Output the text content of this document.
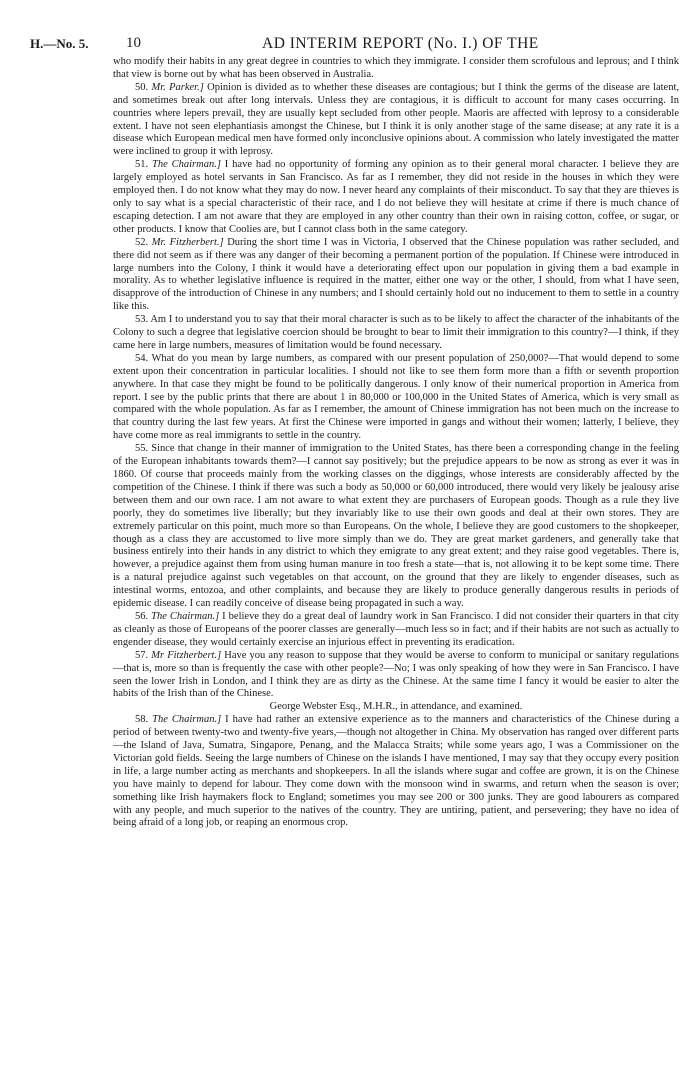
H.—No. 5.	10	AD INTERIM REPORT (No. I.) OF THE

who modify their habits in any great degree in countries to which they immigrate. I consider them scrofulous and leprous; and I think that view is borne out by what has been observed in Australia.

50. Mr. Parker.] Opinion is divided as to whether these diseases are contagious; but I think the germs of the disease are latent, and sometimes break out after long intervals. Unless they are contagious, it is difficult to account for many cases occurring. In countries where lepers prevail, they are usually kept secluded from other people. Maoris are affected with leprosy to a considerable extent. I have not seen elephantiasis amongst the Chinese, but I think it is only another stage of the same disease; at any rate it is a disease which European medical men have formed only inconclusive opinions about. A commission who lately investigated the matter were inclined to group it with leprosy.

51. The Chairman.] I have had no opportunity of forming any opinion as to their general moral character. I believe they are largely employed as hotel servants in San Francisco. As far as I remember, they did not reside in the houses in which they were employed then. I do not know what they may do now. I never heard any complaints of their misconduct. To say that they are thieves is only to say what is a special characteristic of their race, and I do not believe they will hesitate at crime if there is much chance of escaping detection. I am not aware that they are employed in any other country than their own in raising cotton, coffee, or sugar, or other products. I know that Coolies are, but I cannot class both in the same category.

52. Mr. Fitzherbert.] During the short time I was in Victoria, I observed that the Chinese population was rather secluded, and there did not seem as if there was any danger of their becoming a permanent portion of the population. If Chinese were introduced in large numbers into the Colony, I think it would have a deteriorating effect upon our population in giving them a bad example in morality. As to whether legislative influence is required in the matter, either one way or the other, I should, from what I have seen, disapprove of the introduction of Chinese in any numbers; and I should certainly hold out no inducement to them to settle in a country like this.

53. Am I to understand you to say that their moral character is such as to be likely to affect the character of the inhabitants of the Colony to such a degree that legislative coercion should be brought to bear to limit their immigration to this country?—I think, if they came here in large numbers, measures of limitation would be found necessary.

54. What do you mean by large numbers, as compared with our present population of 250,000?—That would depend to some extent upon their concentration in particular localities. I should not like to see them form more than a fifth or seventh proportion anywhere. In that case they might be found to be politically dangerous. I only know of their numerical proportion in America from report. I see by the public prints that there are about 1 in 80,000 or 100,000 in the United States of America, which is very small as compared with the whole population. As far as I remember, the amount of Chinese immigration has not been much on the increase to that country during the last few years. At first the Chinese were imported in gangs and without their women; latterly, I believe, they have come more as real immigrants to settle in the country.

55. Since that change in their manner of immigration to the United States, has there been a corresponding change in the feeling of the European inhabitants towards them?—I cannot say positively; but the prejudice appears to be now as strong as ever it was in 1860. Of course that proceeds mainly from the working classes on the diggings, whose interests are considerably affected by the competition of the Chinese. I think if there was such a body as 50,000 or 60,000 introduced, there would very likely be jealousy arise between them and our own race. I am not aware to what extent they are purchasers of European goods. Though as a rule they live poorly, they do sometimes live liberally; but they invariably like to use their own goods and deal at their own stores. They are extremely particular on this point, much more so than Europeans. On the whole, I believe they are good customers to the shopkeeper, though as a class they are accustomed to live more simply than we do. They are great market gardeners, and generally take that business entirely into their hands in any district to which they emigrate to any great extent; and they raise good vegetables. There is, however, a prejudice against them from using human manure in too fresh a state—that is, not allowing it to be kept some time. There is a natural prejudice against such vegetables on that account, on the ground that they are likely to engender diseases, such as intestinal worms, entozoa, and other complaints, and because they are likely to produce generally dangerous results in periods of epidemic disease. I can readily conceive of disease being propagated in such a way.

56. The Chairman.] I believe they do a great deal of laundry work in San Francisco. I did not consider their quarters in that city as cleanly as those of Europeans of the poorer classes are generally—much less so in fact; and if their habits are not such as actually to engender disease, they would certainly exercise an injurious effect in preventing its eradication.

57. Mr Fitzherbert.] Have you any reason to suppose that they would be averse to conform to municipal or sanitary regulations—that is, more so than is frequently the case with other people?—No; I was only speaking of how they were in San Francisco. I have seen the lower Irish in London, and I think they are as dirty as the Chinese. At the same time I fancy it would be easier to alter the habits of the Irish than of the Chinese.

George Webster Esq., M.H.R., in attendance, and examined.

58. The Chairman.] I have had rather an extensive experience as to the manners and characteristics of the Chinese during a period of between twenty-two and twenty-five years,—though not altogether in China. My observation has ranged over different parts—the Island of Java, Sumatra, Singapore, Penang, and the Malacca Straits; while some years ago, I was a Commissioner on the Victorian gold fields. Seeing the large numbers of Chinese on the islands I have mentioned, I may say that they occupy every position in life, a large number acting as merchants and shopkeepers. In all the islands where sugar and coffee are grown, it is on the Chinese you have mainly to depend for labour. They come down with the monsoon wind in swarms, and return when the season is over; something like Irish haymakers flock to England; sometimes you may see 200 or 300 junks. They are good labourers as compared with any people, and much superior to the natives of the country. They are untiring, patient, and persevering; they have no idea of being afraid of a long job, or reaping an enormous crop.
